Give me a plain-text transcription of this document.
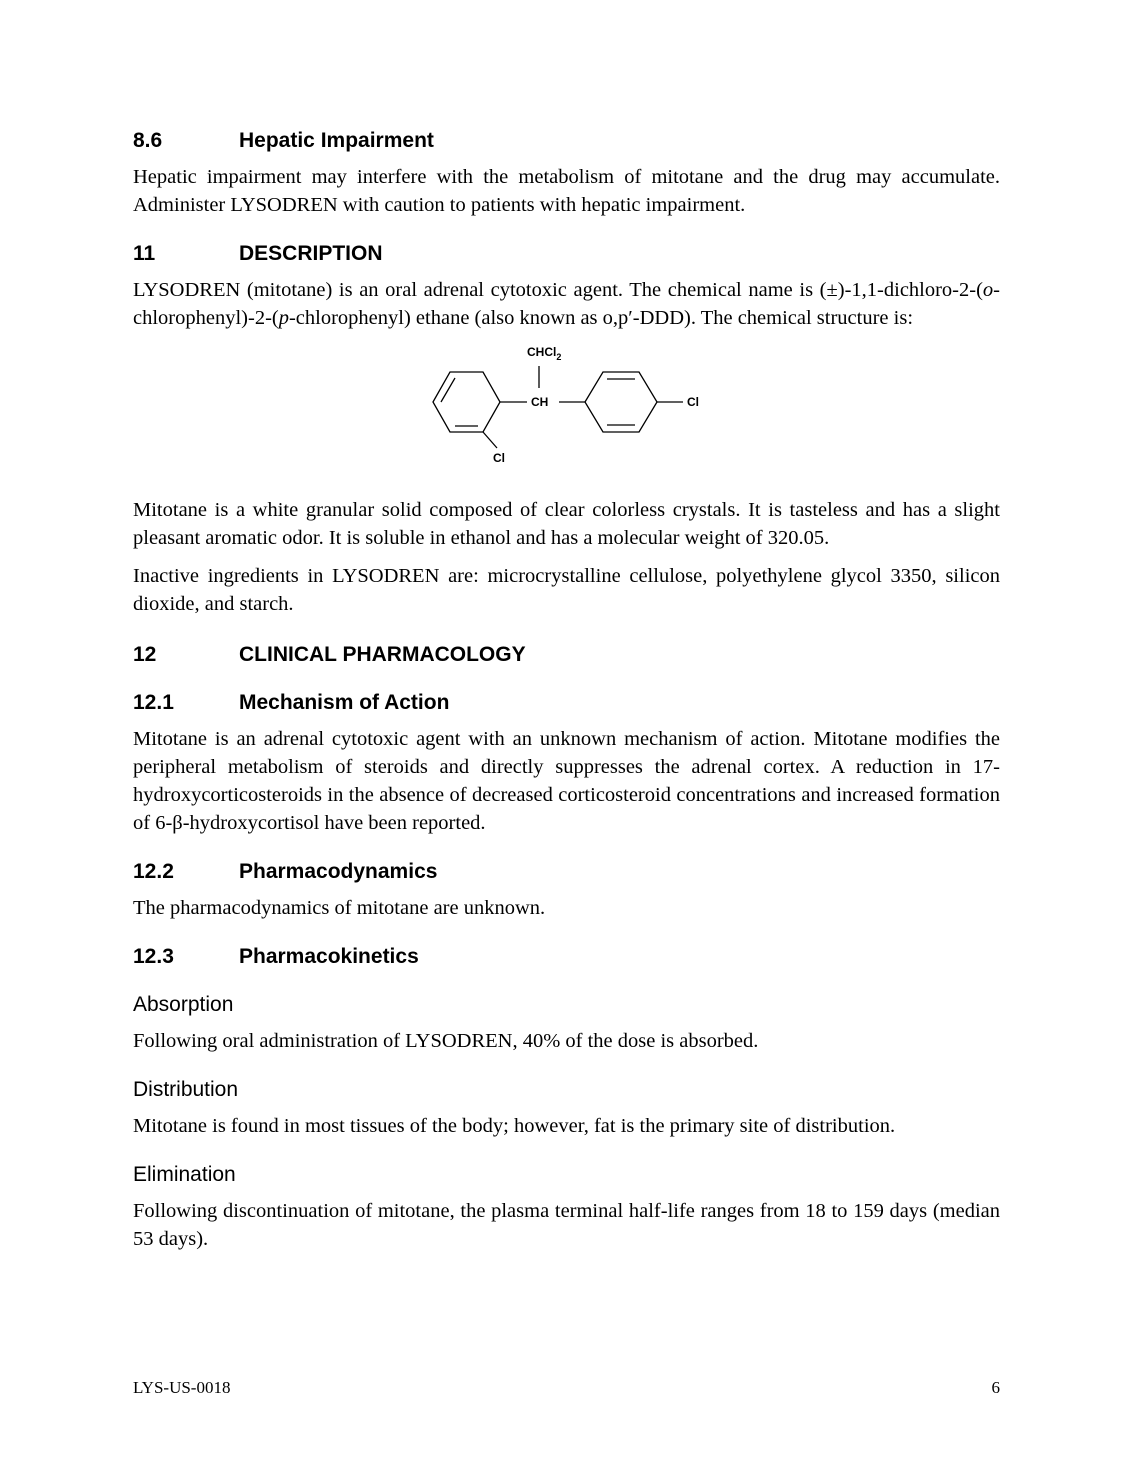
8.6	Hepatic Impairment

Hepatic impairment may interfere with the metabolism of mitotane and the drug may accumulate. Administer LYSODREN with caution to patients with hepatic impairment.

11	DESCRIPTION

LYSODREN (mitotane) is an oral adrenal cytotoxic agent. The chemical name is (±)-1,1-dichloro-2-(o-chlorophenyl)-2-(p-chlorophenyl) ethane (also known as o,p′-DDD). The chemical structure is:

CHCl$_2$
CH	Cl
Cl

Mitotane is a white granular solid composed of clear colorless crystals. It is tasteless and has a slight pleasant aromatic odor. It is soluble in ethanol and has a molecular weight of 320.05.

Inactive ingredients in LYSODREN are: microcrystalline cellulose, polyethylene glycol 3350, silicon dioxide, and starch.

12	CLINICAL PHARMACOLOGY
12.1	Mechanism of Action

Mitotane is an adrenal cytotoxic agent with an unknown mechanism of action. Mitotane modifies the peripheral metabolism of steroids and directly suppresses the adrenal cortex. A reduction in 17-hydroxycorticosteroids in the absence of decreased corticosteroid concentrations and increased formation of 6-β-hydroxycortisol have been reported.

12.2	Pharmacodynamics

The pharmacodynamics of mitotane are unknown.

12.3	Pharmacokinetics
Absorption

Following oral administration of LYSODREN, 40% of the dose is absorbed.

Distribution

Mitotane is found in most tissues of the body; however, fat is the primary site of distribution.

Elimination

Following discontinuation of mitotane, the plasma terminal half-life ranges from 18 to 159 days (median 53 days).

LYS-US-0018	6
